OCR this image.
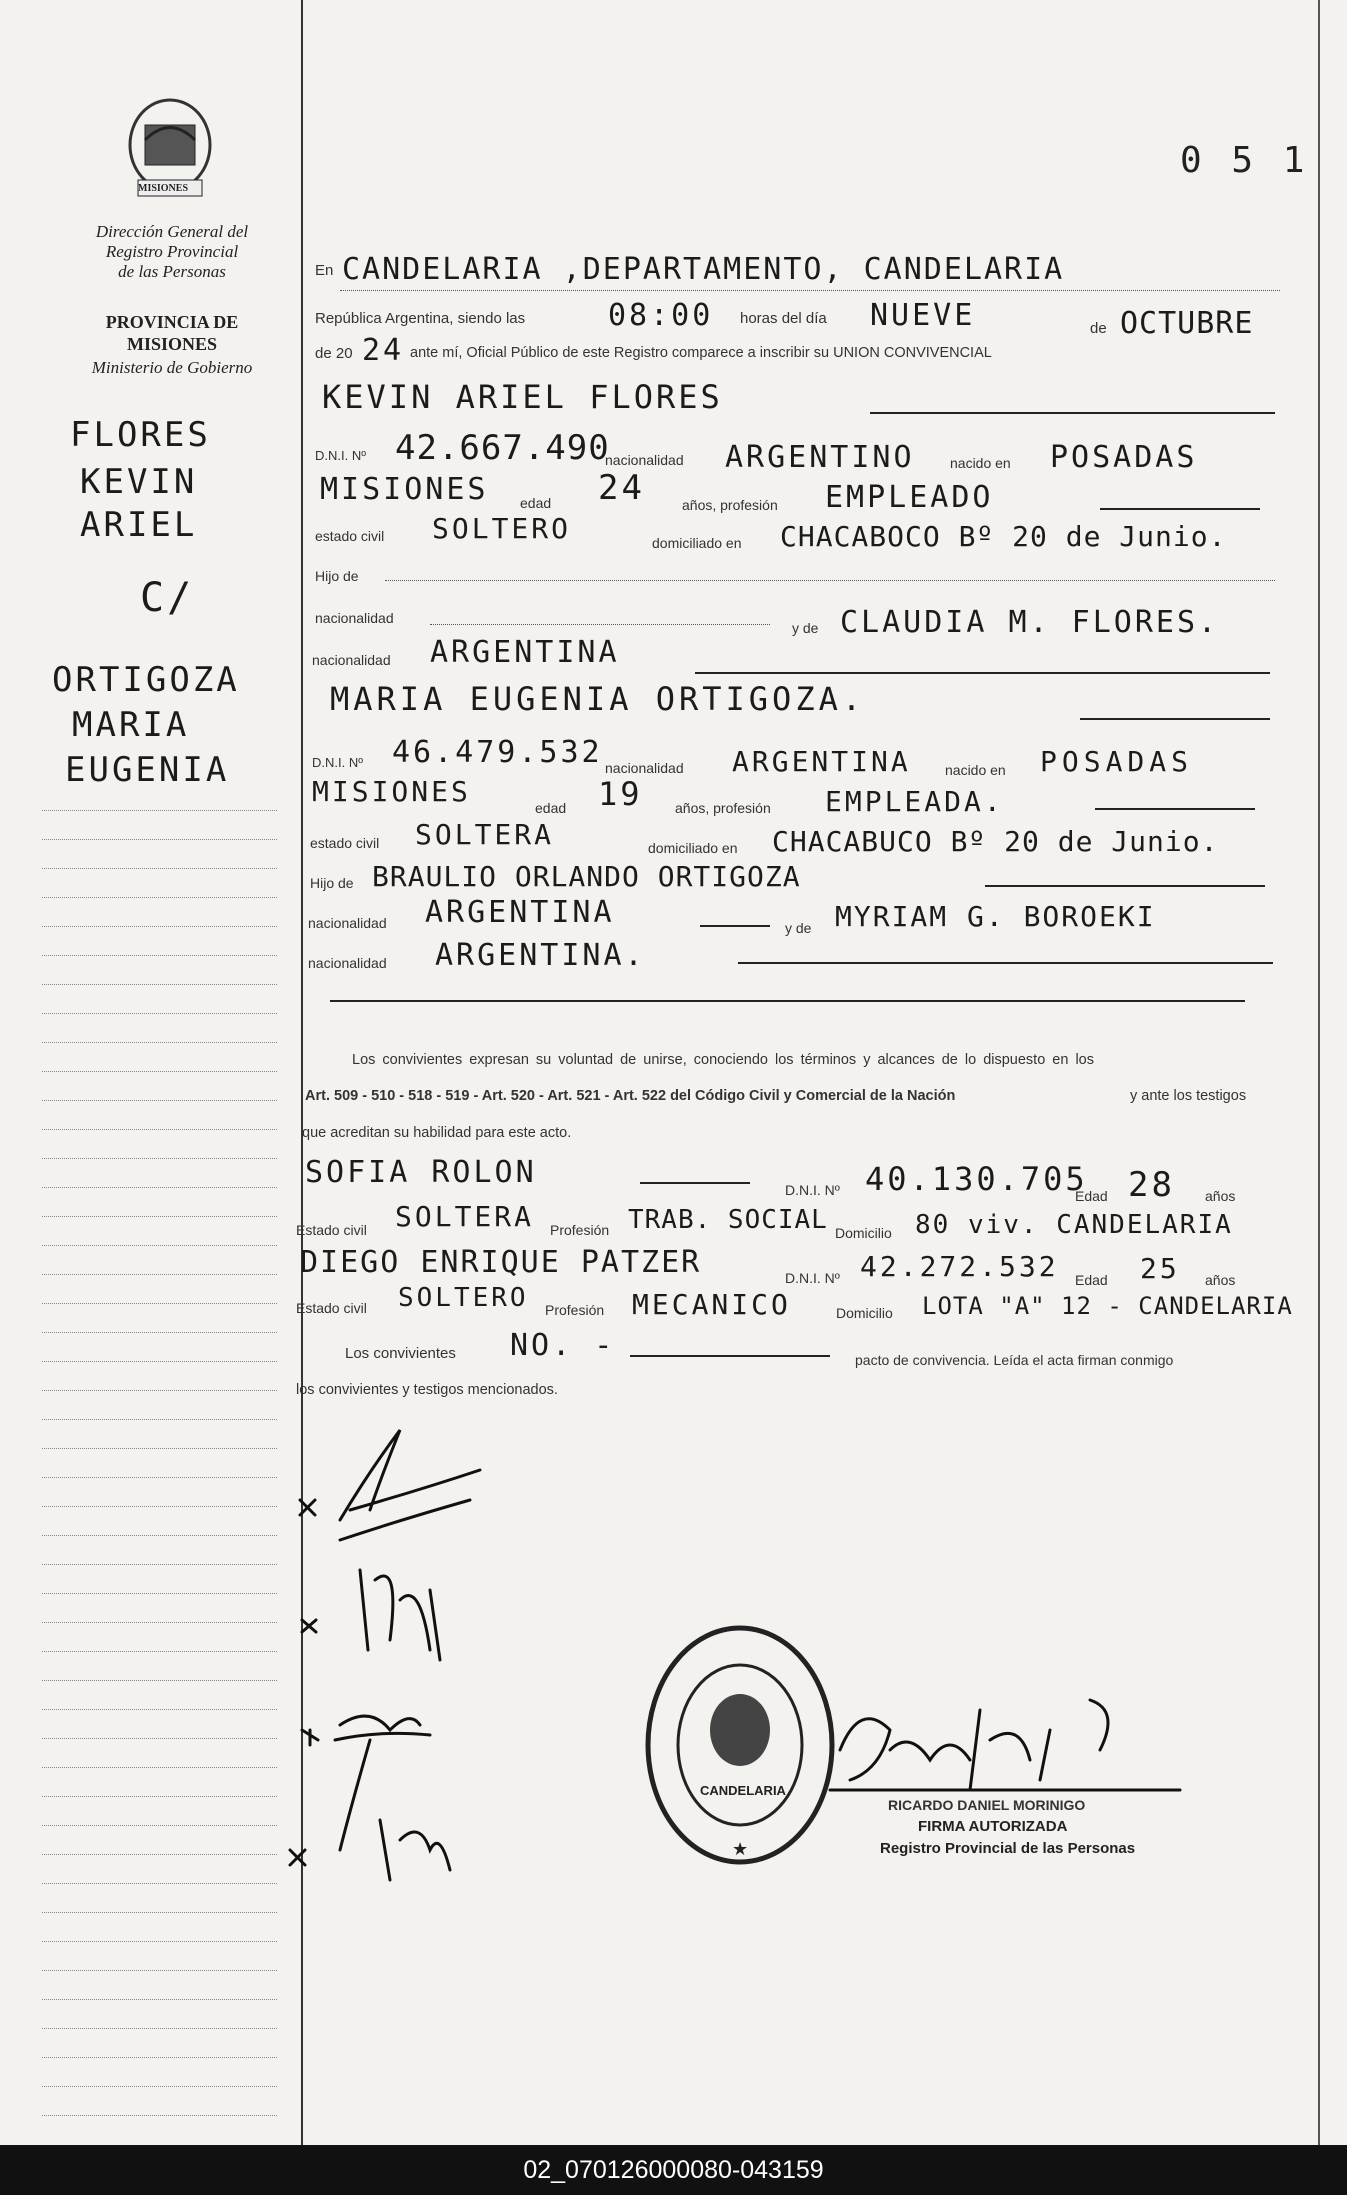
MISIONES
Dirección General del
Registro Provincial
de las Personas
PROVINCIA DE
MISIONES
Ministerio de Gobierno
0 5 1
FLORES
KEVIN
ARIEL
C/
ORTIGOZA
MARIA
EUGENIA
En CANDELARIA ,DEPARTAMENTO, CANDELARIA
República Argentina, siendo las	08:00 horas del día NUEVE	de OCTUBRE
de 20 24 ante mí, Oficial Público de este Registro comparece a inscribir su UNION CONVIVENCIAL
KEVIN ARIEL FLORES
D.N.I. Nº 42.667.490
nacionalidad ARGENTINO	nacido en POSADAS
MISIONES edad 24	años, profesión EMPLEADO
estado civil SOLTERO	domiciliado en CHACABOCO Bº 20 de Junio.
Hijo de
nacionalidad
y de CLAUDIA M. FLORES.
nacionalidad ARGENTINA
MARIA EUGENIA ORTIGOZA.
D.N.I. Nº 46.479.532 nacionalidad ARGENTINA nacido en POSADAS
MISIONES	edad 19 años, profesión EMPLEADA.
estado civil SOLTERA	domiciliado en CHACABUCO Bº 20 de Junio.
Hijo de BRAULIO ORLANDO ORTIGOZA
nacionalidad ARGENTINA	y de MYRIAM G. BOROEKI
nacionalidad ARGENTINA.
Los convivientes expresan su voluntad de unirse, conociendo los términos y alcances de lo dispuesto en los
Art. 509 - 510 - 518 - 519 - Art. 520 - Art. 521 - Art. 522 del Código Civil y Comercial de la Nación	y ante los testigos
que acreditan su habilidad para este acto.
SOFIA ROLON	D.N.I. Nº 40.130.705
Edad 28 años
Estado civil SOLTERA Profesión TRAB. SOCIAL Domicilio 80 viv. CANDELARIA
DIEGO ENRIQUE PATZER	D.N.I. Nº 42.272.532 Edad 25 años
Estado civil SOLTERO Profesión MECANICO	Domicilio LOTA "A" 12 - CANDELARIA
Los convivientes NO. -	pacto de convivencia. Leída el acta firman conmigo
los convivientes y testigos mencionados.
CANDELARIA
★
RICARDO DANIEL MORINIGO
FIRMA AUTORIZADA
Registro Provincial de las Personas
02_070126000080-043159
